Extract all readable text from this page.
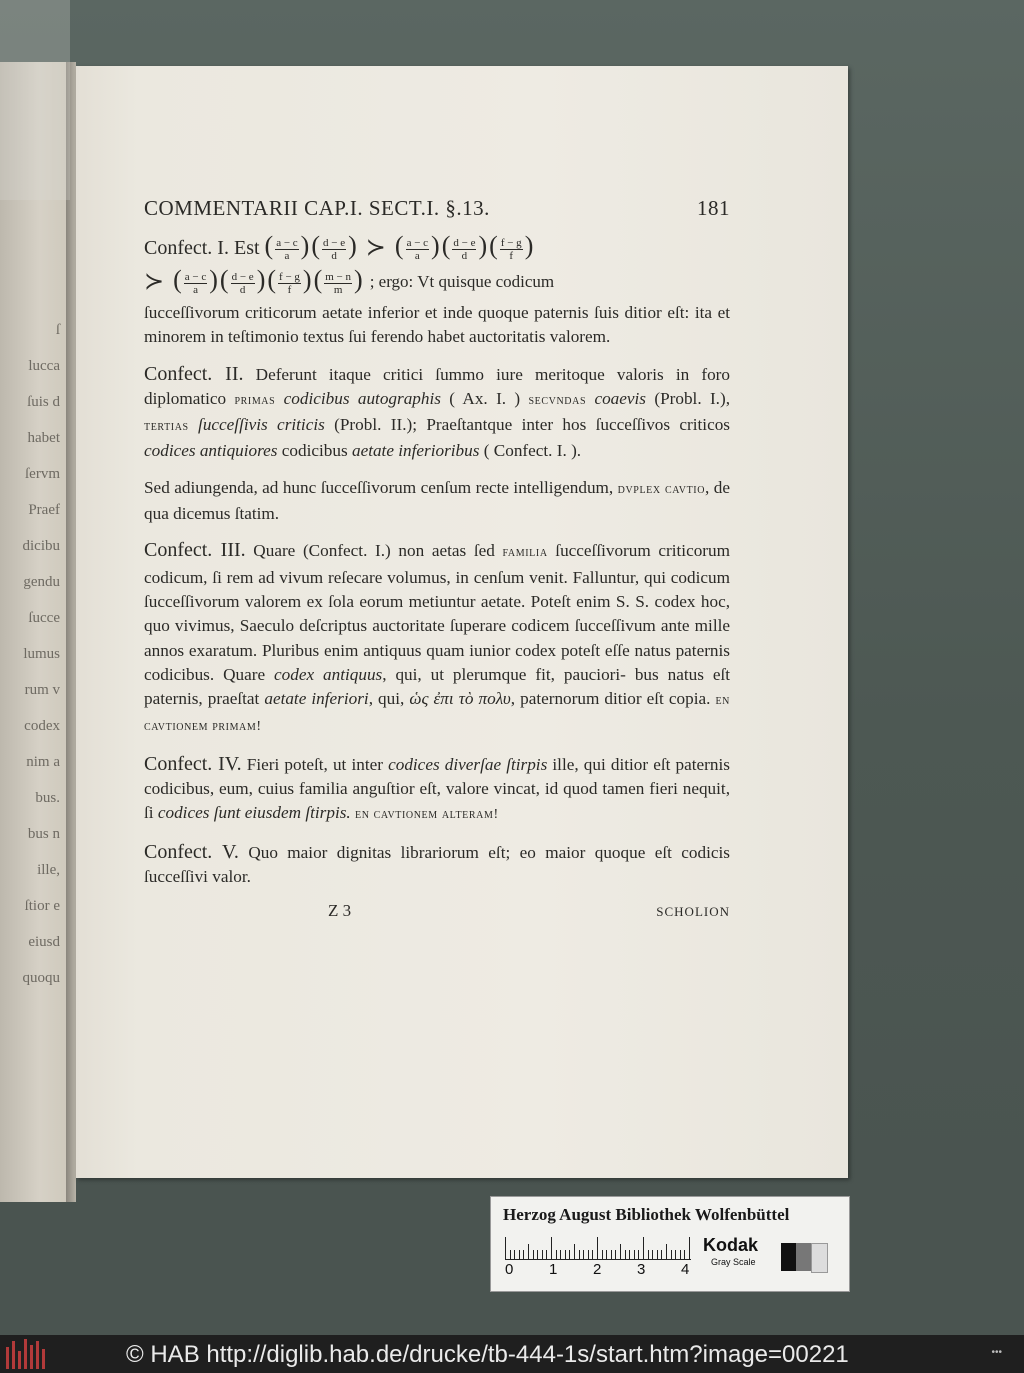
ſ
lucca
ſuis d
habet
ſervm
Praef
dicibu
gendu
ſucce
lumus
rum v
codex
nim a
bus.
bus n
ille,
ſtior e
eiusd
quoqu
COMMENTARII CAP.I. SECT.I. §.13.	181
Confect. I. Est ( $\frac{a - c}{a}$ )( $\frac{d - e}{d}$ ) ≻ ( $\frac{a - c}{a}$ )( $\frac{d - e}{d}$ )( $\frac{f - g}{f}$ )
≻ ( $\frac{a - c}{a}$ )( $\frac{d - e}{d}$ )( $\frac{f - g}{f}$ )( $\frac{m - n}{m}$ ) ; ergo: Vt quisque codicum

ſucceſſivorum criticorum aetate inferior et inde quoque paternis ſuis ditior eſt: ita et minorem in teſtimonio textus ſui ferendo habet auctoritatis valorem.

Confect. II. Deferunt itaque critici ſummo iure meritoque valoris in foro diplomatico primas codicibus autographis ( Ax. I. ) secvndas coaevis (Probl. I.), tertias ſucceſſivis criticis (Probl. II.); Praeſtantque inter hos ſucceſſivos criticos codices antiquiores codicibus aetate inferioribus ( Confect. I. ).

Sed adiungenda, ad hunc ſucceſſivorum cenſum recte intelligendum, dvplex cavtio, de qua dicemus ſtatim.

Confect. III. Quare (Confect. I.) non aetas ſed familia ſucceſſivorum criticorum codicum, ſi rem ad vivum reſecare volumus, in cenſum venit. Falluntur, qui codicum ſucceſſivorum valorem ex ſola eorum metiuntur aetate. Poteſt enim S. S. codex hoc, quo vivimus, Saeculo deſcriptus auctoritate ſuperare codicem ſucceſſivum ante mille annos exaratum. Pluribus enim antiquus quam iunior codex poteſt eſſe natus paternis codicibus. Quare codex antiquus, qui, ut plerumque fit, pauciori- bus natus eſt paternis, praeſtat aetate inferiori, qui, ὡς ἐπι τὸ πολυ, paternorum ditior eſt copia. en cavtionem primam!

Confect. IV. Fieri poteſt, ut inter codices diverſae ſtirpis ille, qui ditior eſt paternis codicibus, eum, cuius familia anguſtior eſt, valore vincat, id quod tamen fieri nequit, ſi codices ſunt eiusdem ſtirpis. en cavtionem alteram!

Confect. V. Quo maior dignitas librariorum eſt; eo maior quoque eſt codicis ſucceſſivi valor.

Z 3	SCHOLION
Herzog August Bibliothek Wolfenbüttel
0 1 2 3 4
Kodak
Gray Scale
© HAB http://diglib.hab.de/drucke/tb-444-1s/start.htm?image=00221	•••
